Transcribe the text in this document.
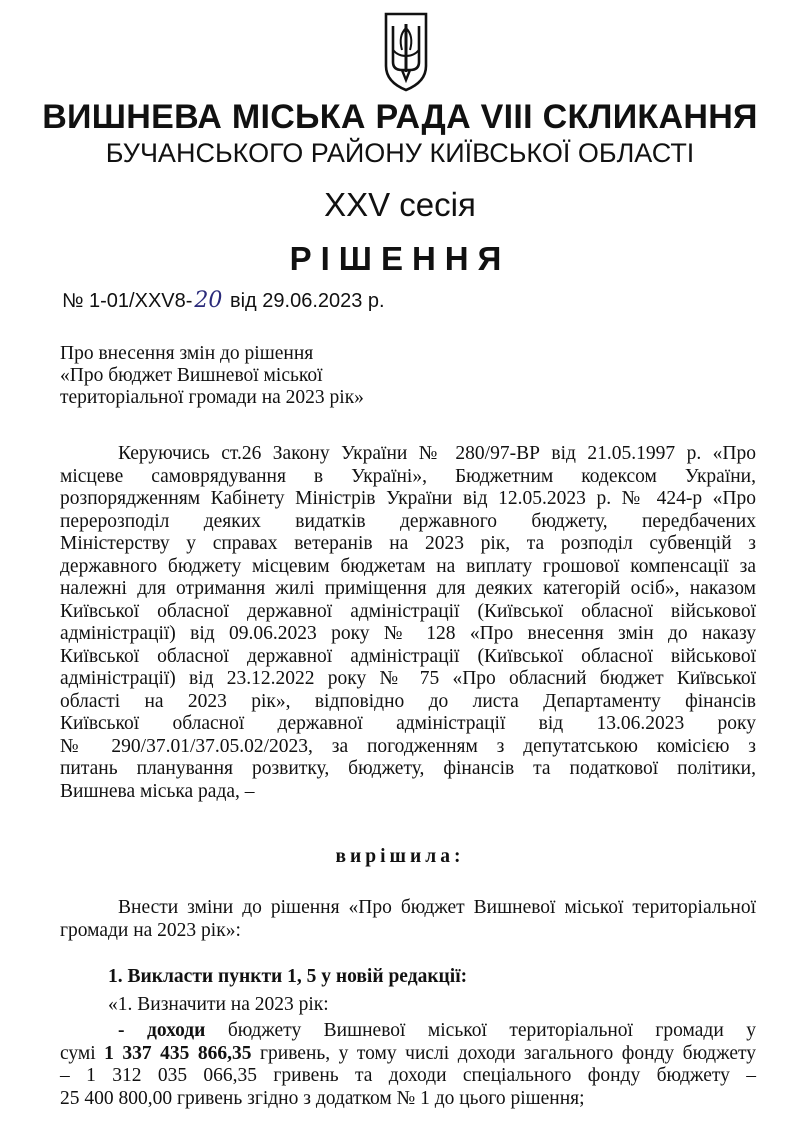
ВИШНЕВА МІСЬКА РАДА VIII СКЛИКАННЯ
БУЧАНСЬКОГО РАЙОНУ КИЇВСЬКОЇ ОБЛАСТІ
XXV сесія
РІШЕННЯ
№ 1-01/XXV8-20 від 29.06.2023 р.
Про внесення змін до рішення
«Про бюджет Вишневої міської
територіальної громади на 2023 рік»
Керуючись ст.26 Закону України № 280/97-ВР від 21.05.1997 р. «Про
місцеве самоврядування в Україні», Бюджетним кодексом України,
розпорядженням Кабінету Міністрів України від 12.05.2023 р. № 424-р «Про
перерозподіл деяких видатків державного бюджету, передбачених
Міністерству у справах ветеранів на 2023 рік, та розподіл субвенцій з
державного бюджету місцевим бюджетам на виплату грошової компенсації за
належні для отримання жилі приміщення для деяких категорій осіб», наказом
Київської обласної державної адміністрації (Київської обласної військової
адміністрації) від 09.06.2023 року № 128 «Про внесення змін до наказу
Київської обласної державної адміністрації (Київської обласної військової
адміністрації) від 23.12.2022 року № 75 «Про обласний бюджет Київської
області на 2023 рік», відповідно до листа Департаменту фінансів
Київської обласної державної адміністрації від 13.06.2023 року
№ 290/37.01/37.05.02/2023, за погодженням з депутатською комісією з
питань планування розвитку, бюджету, фінансів та податкової політики,
Вишнева міська рада, –
вирішила:
Внести зміни до рішення «Про бюджет Вишневої міської територіальної
громади на 2023 рік»:
1. Викласти пункти 1, 5 у новій редакції:
«1. Визначити на 2023 рік:
- доходи бюджету Вишневої міської територіальної громади у
сумі 1 337 435 866,35 гривень, у тому числі доходи загального фонду бюджету
– 1 312 035 066,35 гривень та доходи спеціального фонду бюджету –
25 400 800,00 гривень згідно з додатком № 1 до цього рішення;
